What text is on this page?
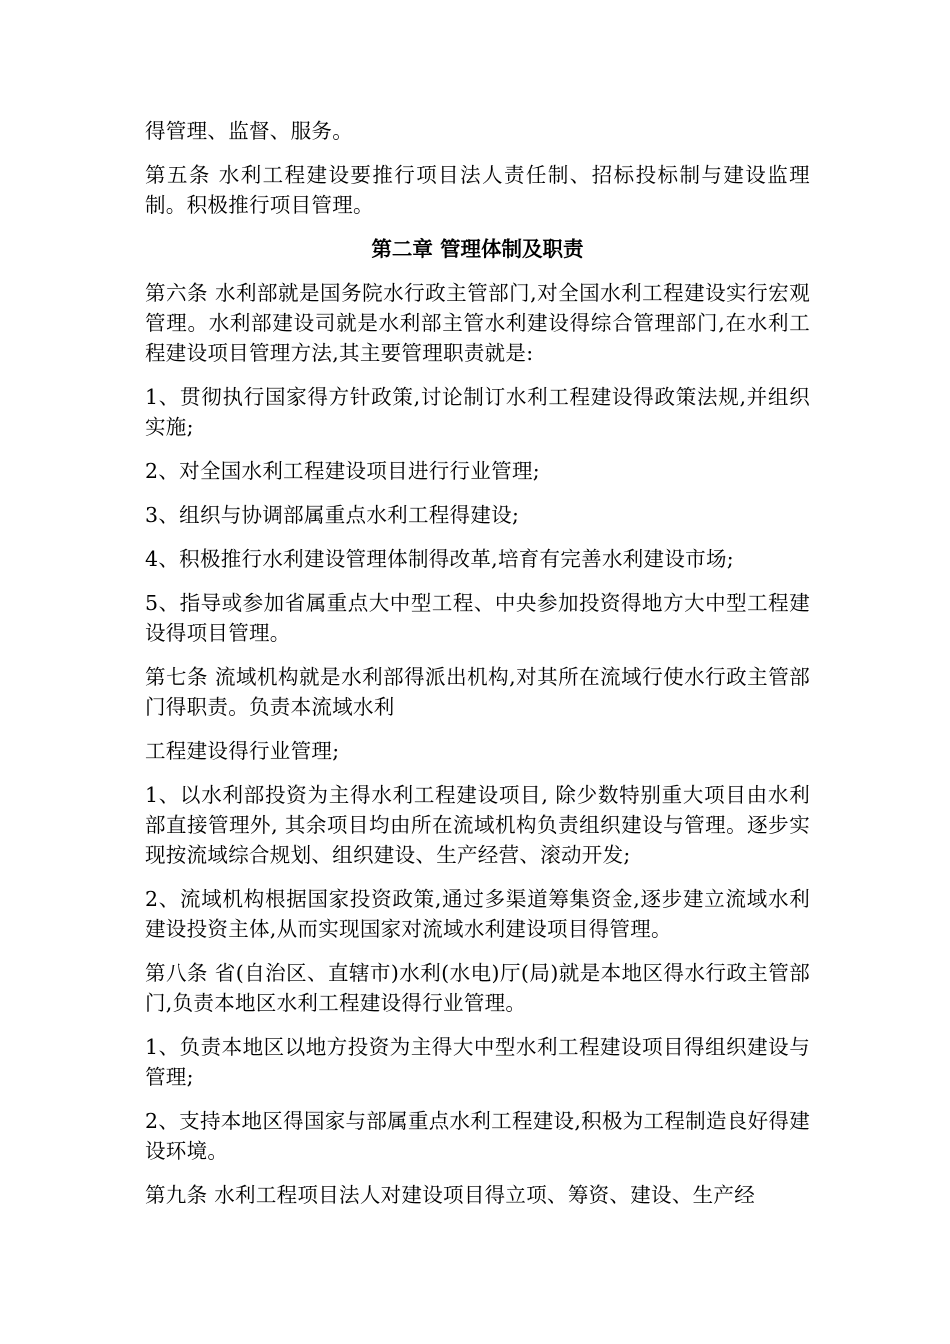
得管理、监督、服务。

第五条 水利工程建设要推行项目法人责任制、招标投标制与建设监理制。积极推行项目管理。

第二章 管理体制及职责

第六条 水利部就是国务院水行政主管部门,对全国水利工程建设实行宏观管理。水利部建设司就是水利部主管水利建设得综合管理部门,在水利工程建设项目管理方法,其主要管理职责就是:

1、贯彻执行国家得方针政策,讨论制订水利工程建设得政策法规,并组织实施;

2、对全国水利工程建设项目进行行业管理;

3、组织与协调部属重点水利工程得建设;

4、积极推行水利建设管理体制得改革,培育有完善水利建设市场;

5、指导或参加省属重点大中型工程、中央参加投资得地方大中型工程建设得项目管理。

第七条 流域机构就是水利部得派出机构,对其所在流域行使水行政主管部门得职责。负责本流域水利

工程建设得行业管理;

1、以水利部投资为主得水利工程建设项目, 除少数特别重大项目由水利部直接管理外, 其余项目均由所在流域机构负责组织建设与管理。逐步实现按流域综合规划、组织建设、生产经营、滚动开发;

2、流域机构根据国家投资政策,通过多渠道筹集资金,逐步建立流域水利建设投资主体,从而实现国家对流域水利建设项目得管理。

第八条 省(自治区、直辖市)水利(水电)厅(局)就是本地区得水行政主管部门,负责本地区水利工程建设得行业管理。

1、负责本地区以地方投资为主得大中型水利工程建设项目得组织建设与管理;

2、支持本地区得国家与部属重点水利工程建设,积极为工程制造良好得建设环境。

第九条 水利工程项目法人对建设项目得立项、筹资、建设、生产经
